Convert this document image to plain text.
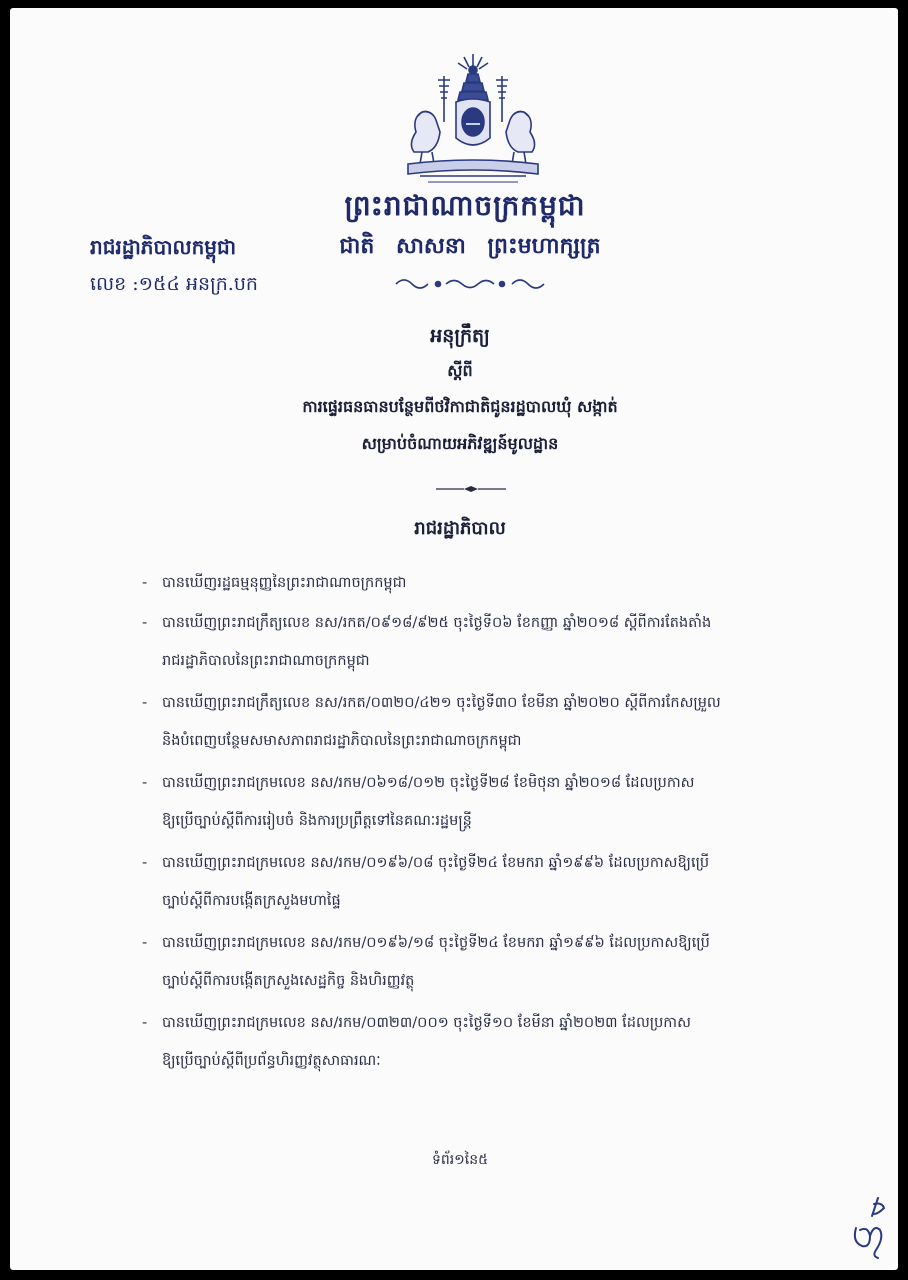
ព្រះរាជាណាចក្រកម្ពុជា
ជាតិ សាសនា ព្រះមហាក្សត្រ
រាជរដ្ឋាភិបាលកម្ពុជា
លេខ :១៥៤ អនក្រ.បក
អនុក្រឹត្យ
ស្តីពី
ការផ្ទេរធនធានបន្ថែមពីថវិកាជាតិជូនរដ្ឋបាលឃុំ សង្កាត់
សម្រាប់ចំណាយអភិវឌ្ឍន៍មូលដ្ឋាន
រាជរដ្ឋាភិបាល
- បានឃើញរដ្ឋធម្មនុញ្ញនៃព្រះរាជាណាចក្រកម្ពុជា
- បានឃើញព្រះរាជក្រឹត្យលេខ នស/រកត/០៩១៨/៩២៥ ចុះថ្ងៃទី០៦ ខែកញ្ញា ឆ្នាំ២០១៨ ស្តីពីការតែងតាំង
រាជរដ្ឋាភិបាលនៃព្រះរាជាណាចក្រកម្ពុជា
- បានឃើញព្រះរាជក្រឹត្យលេខ នស/រកត/០៣២០/៤២១ ចុះថ្ងៃទី៣០ ខែមីនា ឆ្នាំ២០២០ ស្តីពីការកែសម្រួល
និងបំពេញបន្ថែមសមាសភាពរាជរដ្ឋាភិបាលនៃព្រះរាជាណាចក្រកម្ពុជា
- បានឃើញព្រះរាជក្រមលេខ នស/រកម/០៦១៨/០១២ ចុះថ្ងៃទី២៨ ខែមិថុនា ឆ្នាំ២០១៨ ដែលប្រកាស
ឱ្យប្រើច្បាប់ស្តីពីការរៀបចំ និងការប្រព្រឹត្តទៅនៃគណៈរដ្ឋមន្ត្រី
- បានឃើញព្រះរាជក្រមលេខ នស/រកម/០១៩៦/០៨ ចុះថ្ងៃទី២៤ ខែមករា ឆ្នាំ១៩៩៦ ដែលប្រកាសឱ្យប្រើ
ច្បាប់ស្តីពីការបង្កើតក្រសួងមហាផ្ទៃ
- បានឃើញព្រះរាជក្រមលេខ នស/រកម/០១៩៦/១៨ ចុះថ្ងៃទី២៤ ខែមករា ឆ្នាំ១៩៩៦ ដែលប្រកាសឱ្យប្រើ
ច្បាប់ស្តីពីការបង្កើតក្រសួងសេដ្ឋកិច្ច និងហិរញ្ញវត្ថុ
- បានឃើញព្រះរាជក្រមលេខ នស/រកម/០៣២៣/០០១ ចុះថ្ងៃទី១០ ខែមីនា ឆ្នាំ២០២៣ ដែលប្រកាស
ឱ្យប្រើច្បាប់ស្តីពីប្រព័ន្ធហិរញ្ញវត្ថុសាធារណៈ
ទំព័រ១នៃ៥
